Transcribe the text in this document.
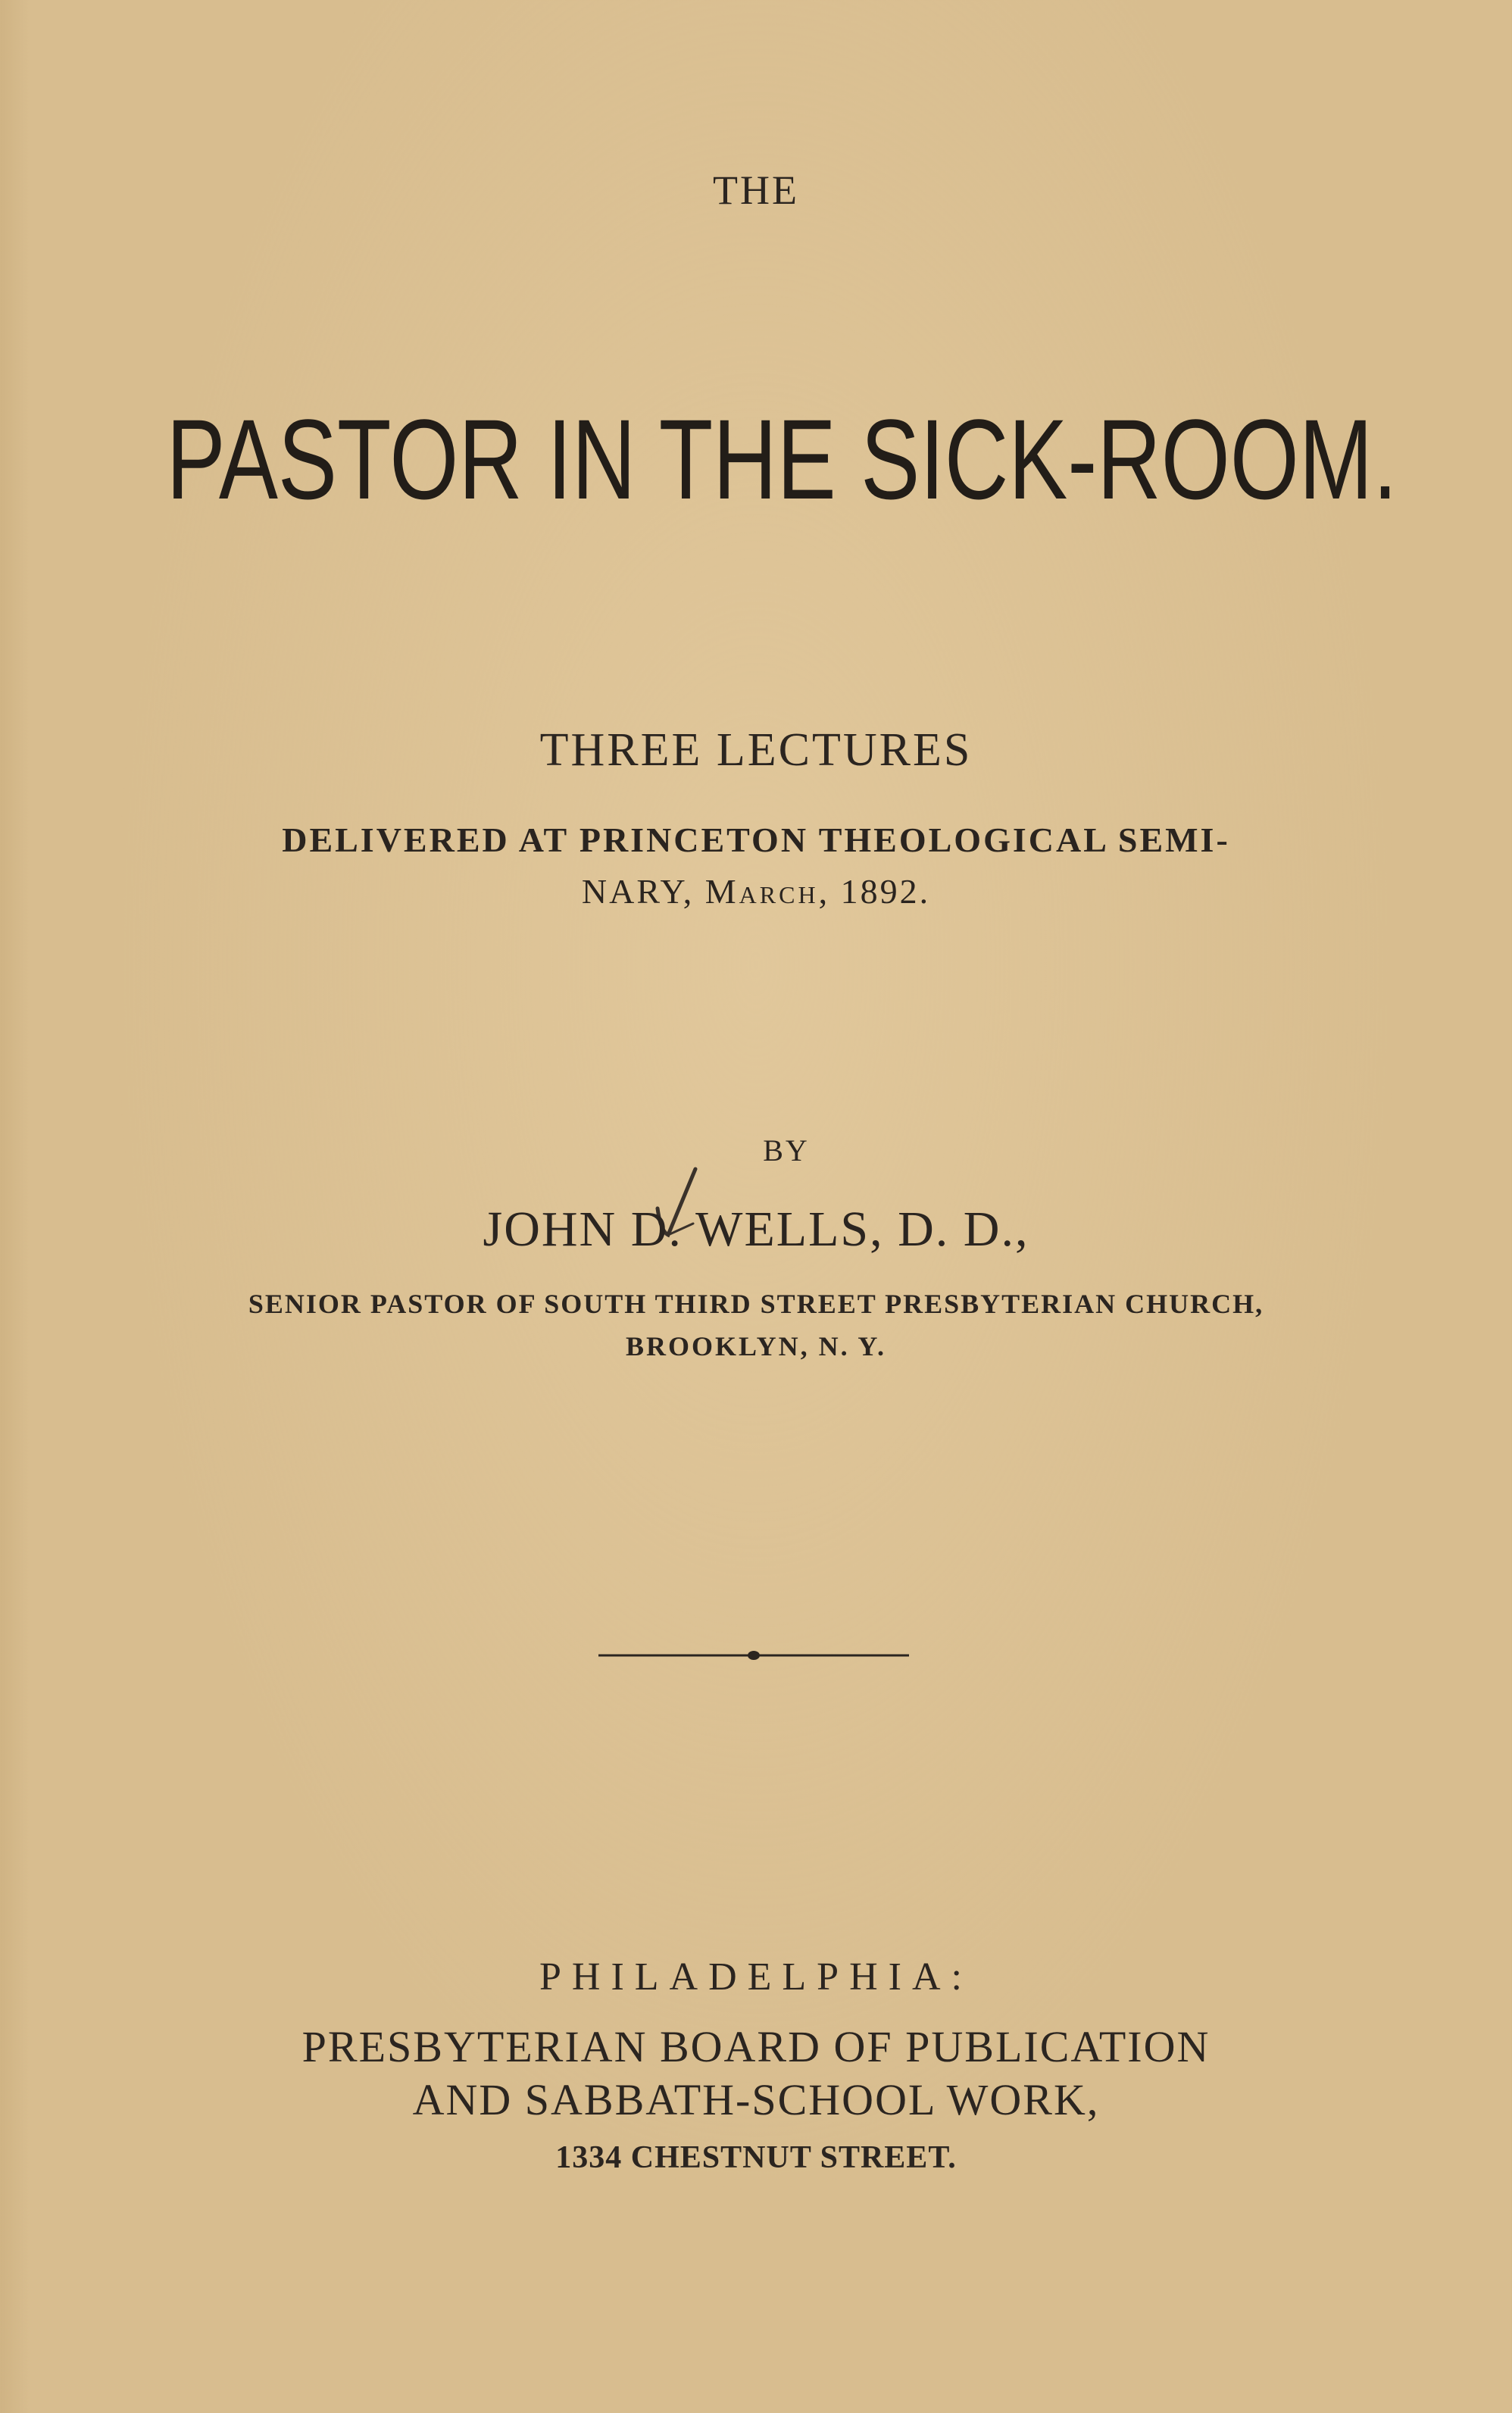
THE
PASTOR IN THE SICK-ROOM.
THREE LECTURES
DELIVERED AT PRINCETON THEOLOGICAL SEMI-
NARY, March, 1892.
BY
JOHN D. WELLS, D. D.,
SENIOR PASTOR OF SOUTH THIRD STREET PRESBYTERIAN CHURCH,
BROOKLYN, N. Y.
PHILADELPHIA:
PRESBYTERIAN BOARD OF PUBLICATION
AND SABBATH-SCHOOL WORK,
1334 CHESTNUT STREET.
